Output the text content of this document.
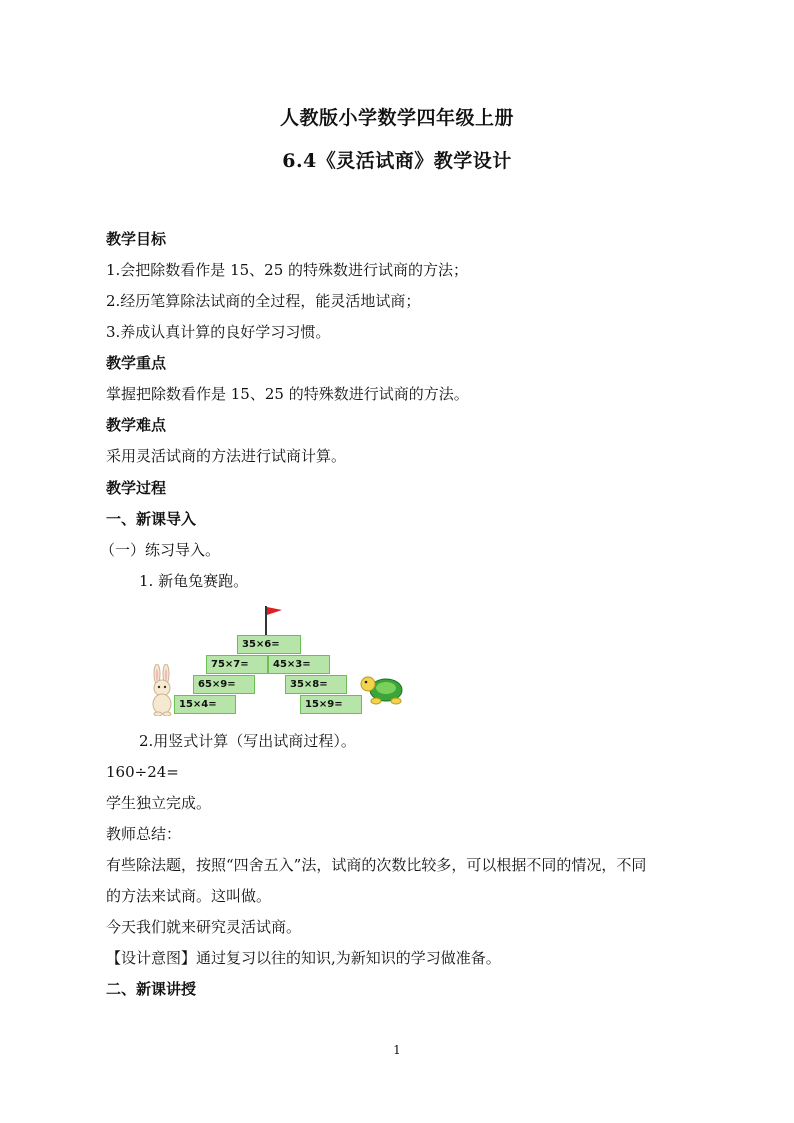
人教版小学数学四年级上册
6.4《灵活试商》教学设计
教学目标
1.会把除数看作是 15、25 的特殊数进行试商的方法；
2.经历笔算除法试商的全过程，能灵活地试商；
3.养成认真计算的良好学习习惯。
教学重点
掌握把除数看作是 15、25 的特殊数进行试商的方法。
教学难点
采用灵活试商的方法进行试商计算。
教学过程
一、新课导入
（一）练习导入。
1. 新龟兔赛跑。
35×6=
75×7=	45×3=
65×9=	35×8=
15×4=	15×9=
2.用竖式计算（写出试商过程）。
160÷24=
学生独立完成。
教师总结：
有些除法题，按照“四舍五入”法，试商的次数比较多，可以根据不同的情况，不同
的方法来试商。这叫做。
今天我们就来研究灵活试商。
【设计意图】通过复习以往的知识,为新知识的学习做准备。
二、新课讲授
1
